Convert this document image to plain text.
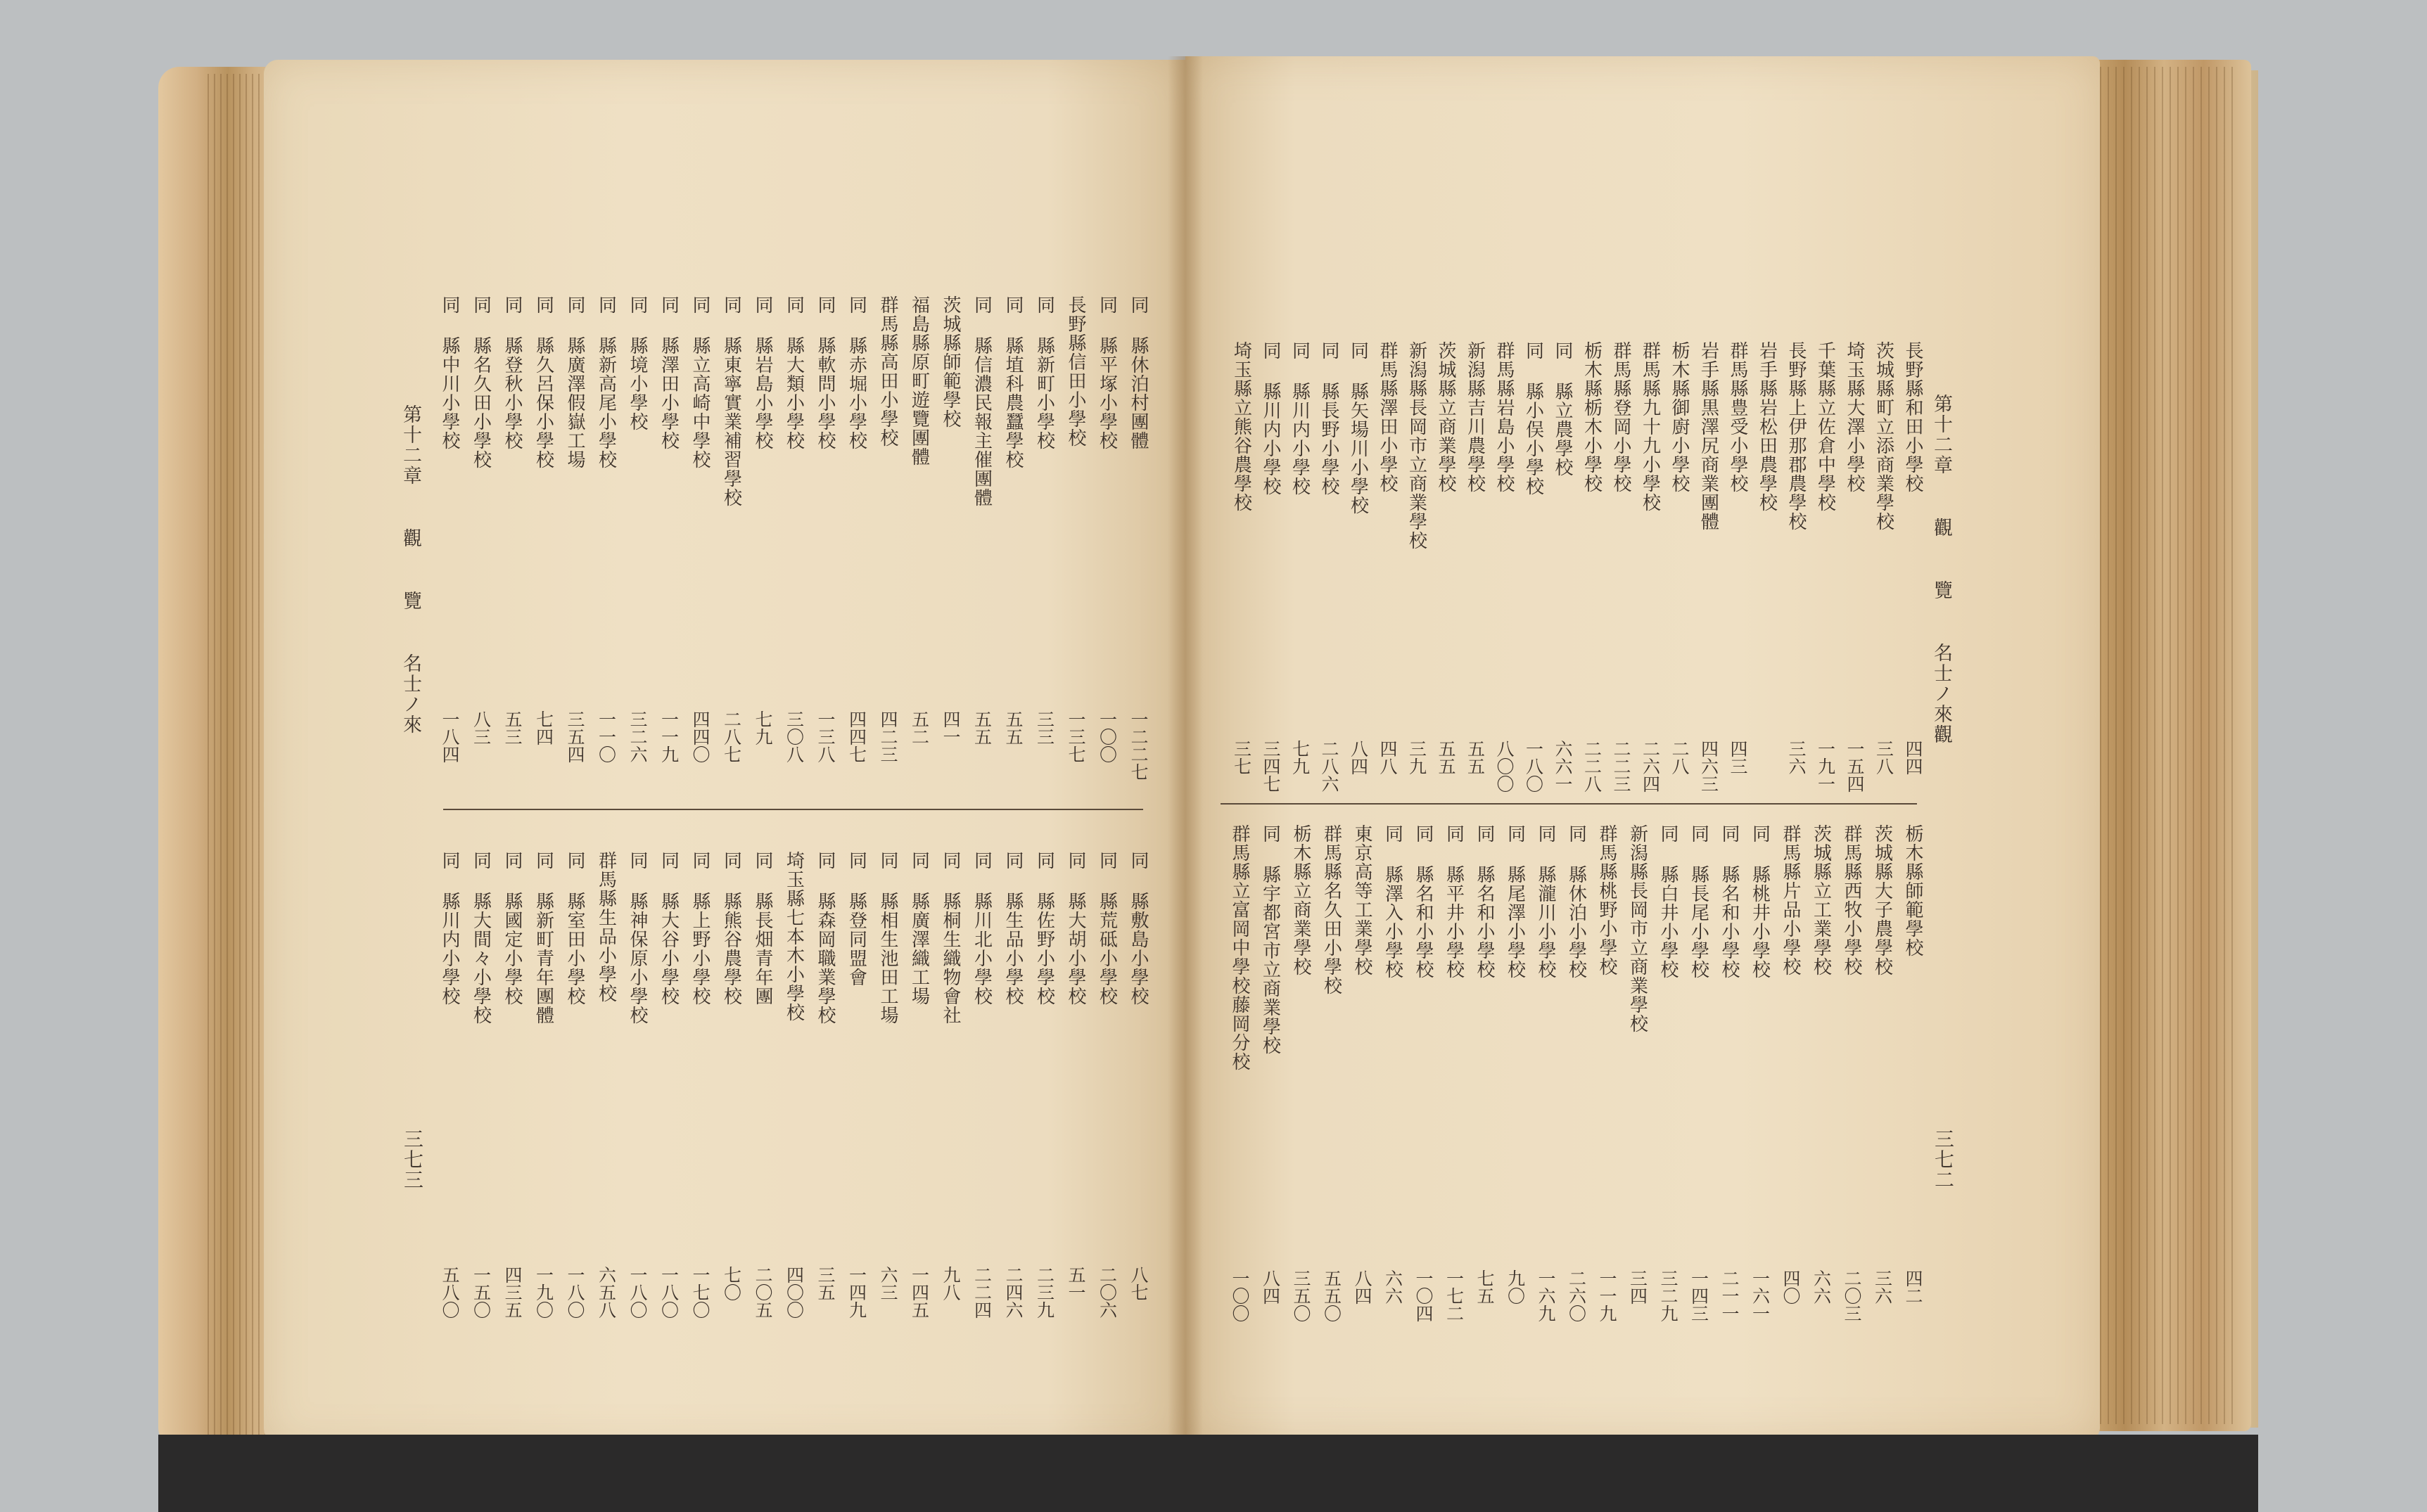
第十二章觀覽名士ノ來
第十二章觀覽名士ノ來觀
三七三	三七二
同 縣休泊村團體
一二二七
同 縣平塚小學校
一〇〇
長野縣信田小學校
一三七
同 縣新町小學校
三三
同 縣埴科農蠶學校
五五
同 縣信濃民報主催團體
五五
茨城縣師範學校
四一
福島縣原町遊覽團體
五二
群馬縣高田小學校
四二三
同 縣赤堀小學校
四四七
同 縣軟問小學校
一三八
同 縣大類小學校
三〇八
同 縣岩島小學校
七九
同 縣東寧實業補習學校
二八七
同 縣立高崎中學校
四四〇
同 縣澤田小學校
一一九
同 縣境小學校
三二六
同 縣新高尾小學校
一一〇
同 縣廣澤假嶽工場
三五四
同 縣久呂保小學校
七四
同 縣登秋小學校
五三
同 縣名久田小學校
八三
同 縣中川小學校
一八四
同 縣敷島小學校
八七
同 縣荒砥小學校
二〇六
同 縣大胡小學校
五一
同 縣佐野小學校
二三九
同 縣生品小學校
二四六
同 縣川北小學校
二二四
同 縣桐生織物會社
九八
同 縣廣澤織工場
一四五
同 縣相生池田工場
六三
同 縣登同盟會
一四九
同 縣森岡職業學校
三五
埼玉縣七本木小學校
四〇〇
同 縣長畑青年團
二〇五
同 縣熊谷農學校
七〇
同 縣上野小學校
一七〇
同 縣大谷小學校
一八〇
同 縣神保原小學校
一八〇
群馬縣生品小學校
六五八
同 縣室田小學校
一八〇
同 縣新町青年團體
一九〇
同 縣國定小學校
四三五
同 縣大間々小學校
一五〇
同 縣川内小學校
五八〇
長野縣和田小學校
四四
茨城縣町立添商業學校
三八
埼玉縣大澤小學校
一五四
千葉縣立佐倉中學校
一九一
長野縣上伊那郡農學校
三六
岩手縣岩松田農學校
群馬縣豊受小學校
四三
岩手縣黒澤尻商業團體
四六三
栃木縣御廚小學校
二八
群馬縣九十九小學校
二六四
群馬縣登岡小學校
二二三
栃木縣栃木小學校
二二八
同 縣立農學校
六六一
同 縣小俣小學校
一八〇
群馬縣岩島小學校
八〇〇
新潟縣吉川農學校
五五
茨城縣立商業學校
五五
新潟縣長岡市立商業學校
三九
群馬縣澤田小學校
四八
同 縣矢場川小學校
八四
同 縣長野小學校
二八六
同 縣川内小學校
七九
同 縣川内小學校
三四七
埼玉縣立熊谷農學校
三七
栃木縣師範學校
四二
茨城縣大子農學校
三六
群馬縣西牧小學校
二〇三
茨城縣立工業學校
六六
群馬縣片品小學校
四〇
同 縣桃井小學校
一六一
同 縣名和小學校
二一一
同 縣長尾小學校
一四三
同 縣白井小學校
三二九
新潟縣長岡市立商業學校
三四
群馬縣桃野小學校
一一九
同 縣休泊小學校
二六〇
同 縣瀧川小學校
一六九
同 縣尾澤小學校
九〇
同 縣名和小學校
七五
同 縣平井小學校
一七二
同 縣名和小學校
一〇四
同 縣澤入小學校
六六
東京高等工業學校
八四
群馬縣名久田小學校
五五〇
栃木縣立商業學校
三五〇
同 縣宇都宮市立商業學校
八四
群馬縣立富岡中學校藤岡分校
一〇〇
